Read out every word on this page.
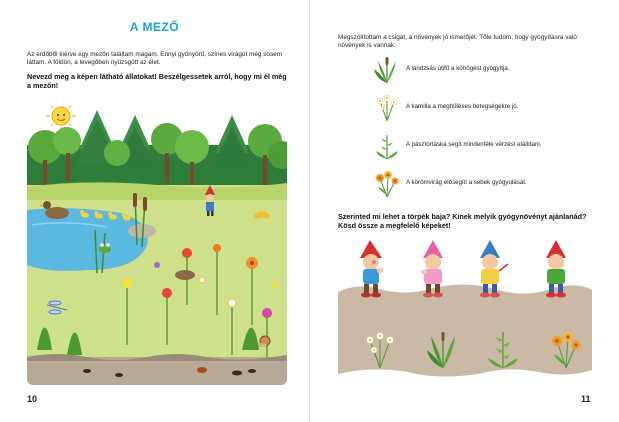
A MEZŐ
Az erdőből kiérve egy mezőn találtam magam. Ennyi gyönyörű, színes virágot még sosem láttam. A földön, a levegőben nyüzsgött az élet.
Nevezd meg a képen látható állatokat! Beszélgessetek arról, hogy mi él még a mezőn!
10
Megszólítottam a csigát, a növények jó ismerőjét. Tőle tudom, hogy gyógyításra való növények is vannak.
A lándzsás útifű a köhögést gyógyítja.
A kamilla a meghűléses betegségekre jó.
A pásztortáska segít mindenféle vérzést elállítani.
A körömvirág elősegíti a sebek gyógyulását.
Szerinted mi lehet a törpék baja? Kinek melyik gyógynövényt ajánlanád? Kösd össze a megfelelő képeket!
11
